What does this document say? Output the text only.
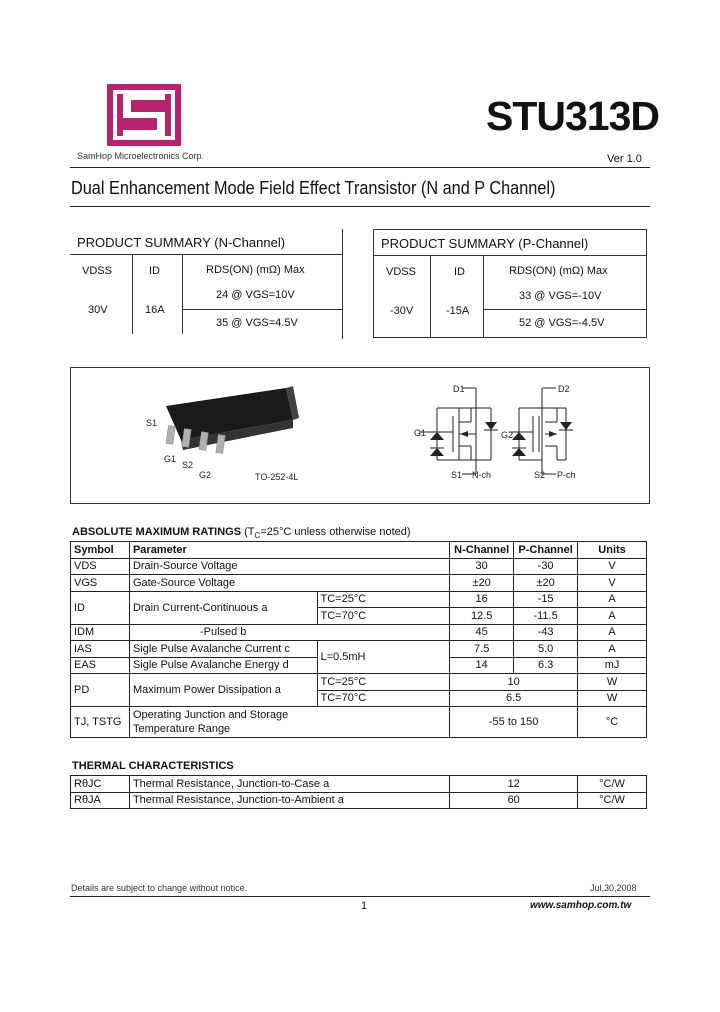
SamHop Microelectronics Corp.
STU313D
Ver 1.0
Dual Enhancement Mode Field Effect Transistor (N and P Channel)
PRODUCT SUMMARY (N-Channel)
VDSS	ID	RDS(ON) (mΩ) Max
24 @ VGS=10V
30V	16A
35 @ VGS=4.5V
PRODUCT SUMMARY (P-Channel)
VDSS	ID	RDS(ON) (mΩ) Max
33 @ VGS=-10V
-30V	-15A
52 @ VGS=-4.5V
D1/D2
S1
G1
S2
G2	TO-252-4L
D1
G1
S1 N-ch
D2
G2
S2 P-ch
ABSOLUTE MAXIMUM RATINGS ($T_C=25^\circ C$ unless otherwise noted)
Symbol	Parameter		N-Channel	P-Channel	Units
VDS	Drain-Source Voltage		30	-30	V
VGS	Gate-Source Voltage		±20	±20	V
ID	Drain Current-Continuous a	TC=25°C	16	-15	A
		TC=70°C	12.5	-11.5	A
IDM	-Pulsed b		45	-43	A
IAS	Sigle Pulse Avalanche Current c	L=0.5mH	7.5	5.0	A
EAS	Sigle Pulse Avalanche Energy d		14	6.3	mJ
PD	Maximum Power Dissipation a	TC=25°C	10		W
		TC=70°C	6.5		W
TJ, TSTG	Operating Junction and Storage
Temperature Range		-55 to 150		°C
THERMAL CHARACTERISTICS
RθJC	Thermal Resistance, Junction-to-Case a	12	°C/W
RθJA	Thermal Resistance, Junction-to-Ambient a	60	°C/W
Details are subject to change without notice.	Jul,30,2008
1	www.samhop.com.tw
